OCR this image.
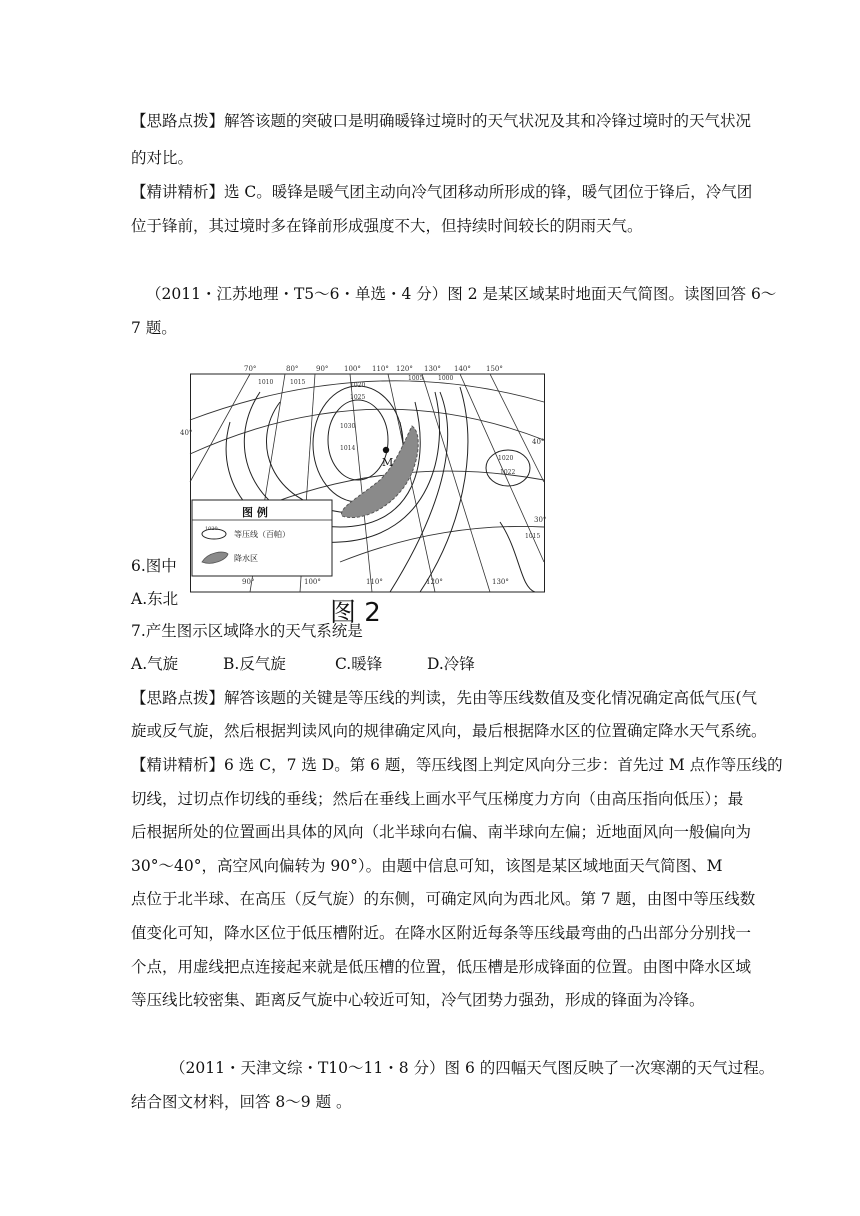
【思路点拨】解答该题的突破口是明确暖锋过境时的天气状况及其和冷锋过境时的天气状况
的对比。
【精讲精析】选 C。暖锋是暖气团主动向冷气团移动所形成的锋，暖气团位于锋后，冷气团
位于锋前，其过境时多在锋前形成强度不大，但持续时间较长的阴雨天气。
（2011・江苏地理・T5～6・单选・4 分）图 2 是某区域某时地面天气简图。读图回答 6～
7 题。
6.图中
A.东北
7.产生图示区域降水的天气系统是
M
1010	1015	1020
1025
1030
1014
1005 1000
1020
1022
1015
70°	80°	90° 100° 110° 120° 130° 140° 150°
40°
40°
30°
90°	100°	110°	120°	130°
图 例
1020
等压线（百帕）
降水区
图 2
A.气旋	B.反气旋	C.暖锋	D.冷锋
【思路点拨】解答该题的关键是等压线的判读，先由等压线数值及变化情况确定高低气压(气
旋或反气旋，然后根据判读风向的规律确定风向，最后根据降水区的位置确定降水天气系统。
【精讲精析】6 选 C，7 选 D。第 6 题，等压线图上判定风向分三步：首先过 M 点作等压线的
切线，过切点作切线的垂线；然后在垂线上画水平气压梯度力方向（由高压指向低压）；最
后根据所处的位置画出具体的风向（北半球向右偏、南半球向左偏；近地面风向一般偏向为
30°～40°，高空风向偏转为 90°）。由题中信息可知，该图是某区域地面天气简图、M
点位于北半球、在高压（反气旋）的东侧，可确定风向为西北风。第 7 题，由图中等压线数
值变化可知，降水区位于低压槽附近。在降水区附近每条等压线最弯曲的凸出部分分别找一
个点，用虚线把点连接起来就是低压槽的位置，低压槽是形成锋面的位置。由图中降水区域
等压线比较密集、距离反气旋中心较近可知，冷气团势力强劲，形成的锋面为冷锋。
（2011・天津文综・T10～11・8 分）图 6 的四幅天气图反映了一次寒潮的天气过程。
结合图文材料，回答 8～9 题 。
